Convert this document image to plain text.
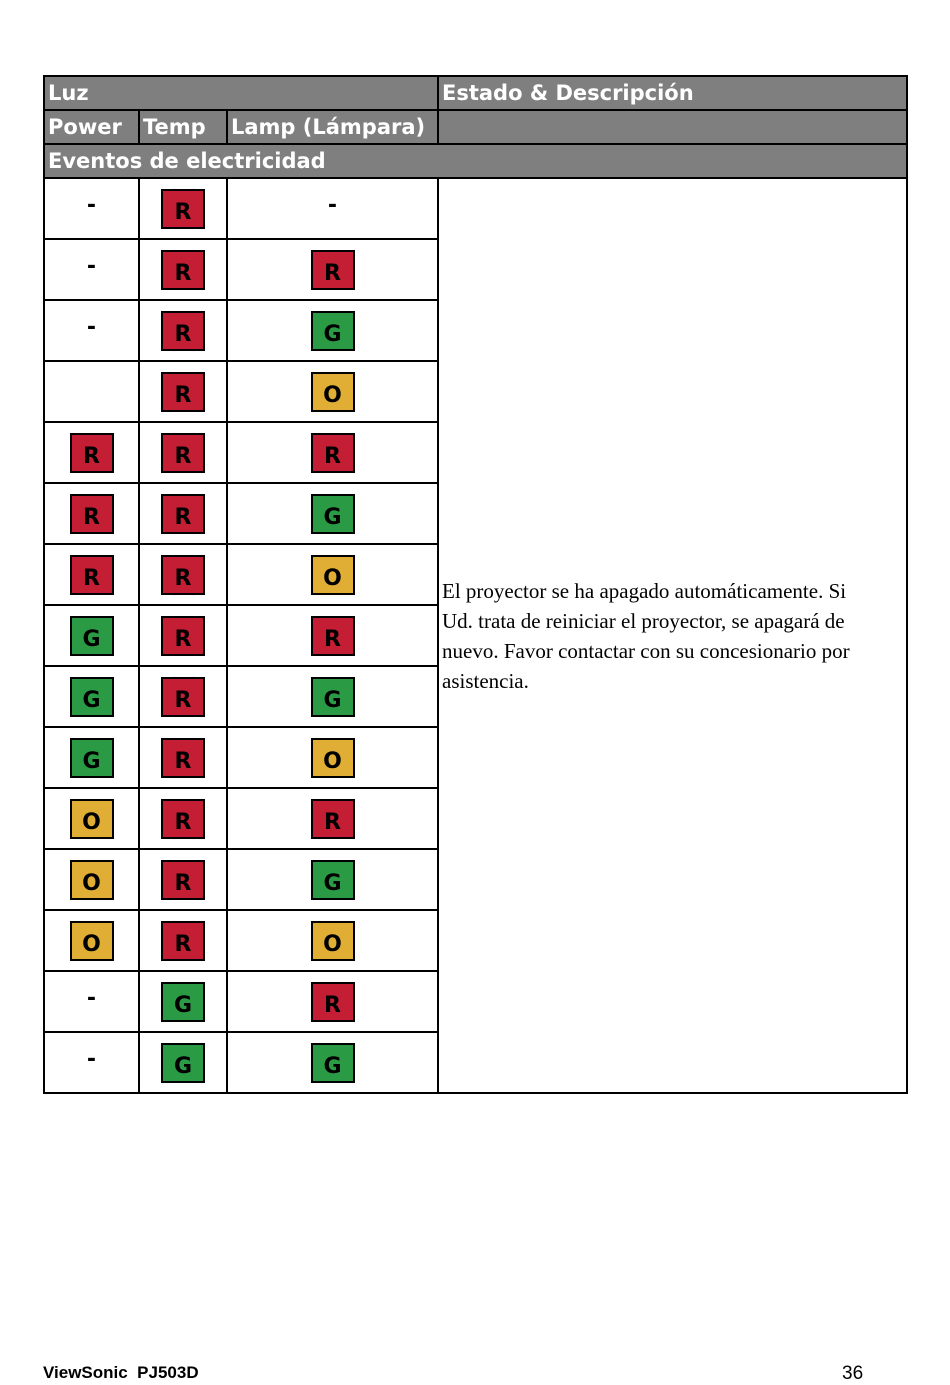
Luz			Estado & Descripción
Power	Temp	Lamp (Lámpara)	
Eventos de electricidad			
-	R	-	El proyector se ha apagado automáticamente. Si Ud. trata de reiniciar el proyector, se apagará de nuevo. Favor contactar con su concesionario por asistencia.
-	R	R	
-	R	G	
	R	O	
R	R	R	
R	R	G	
R	R	O	
G	R	R	
G	R	G	
G	R	O	
O	R	R	
O	R	G	
O	R	O	
-	G	R	
-	G	G	
ViewSonic  PJ503D	36
